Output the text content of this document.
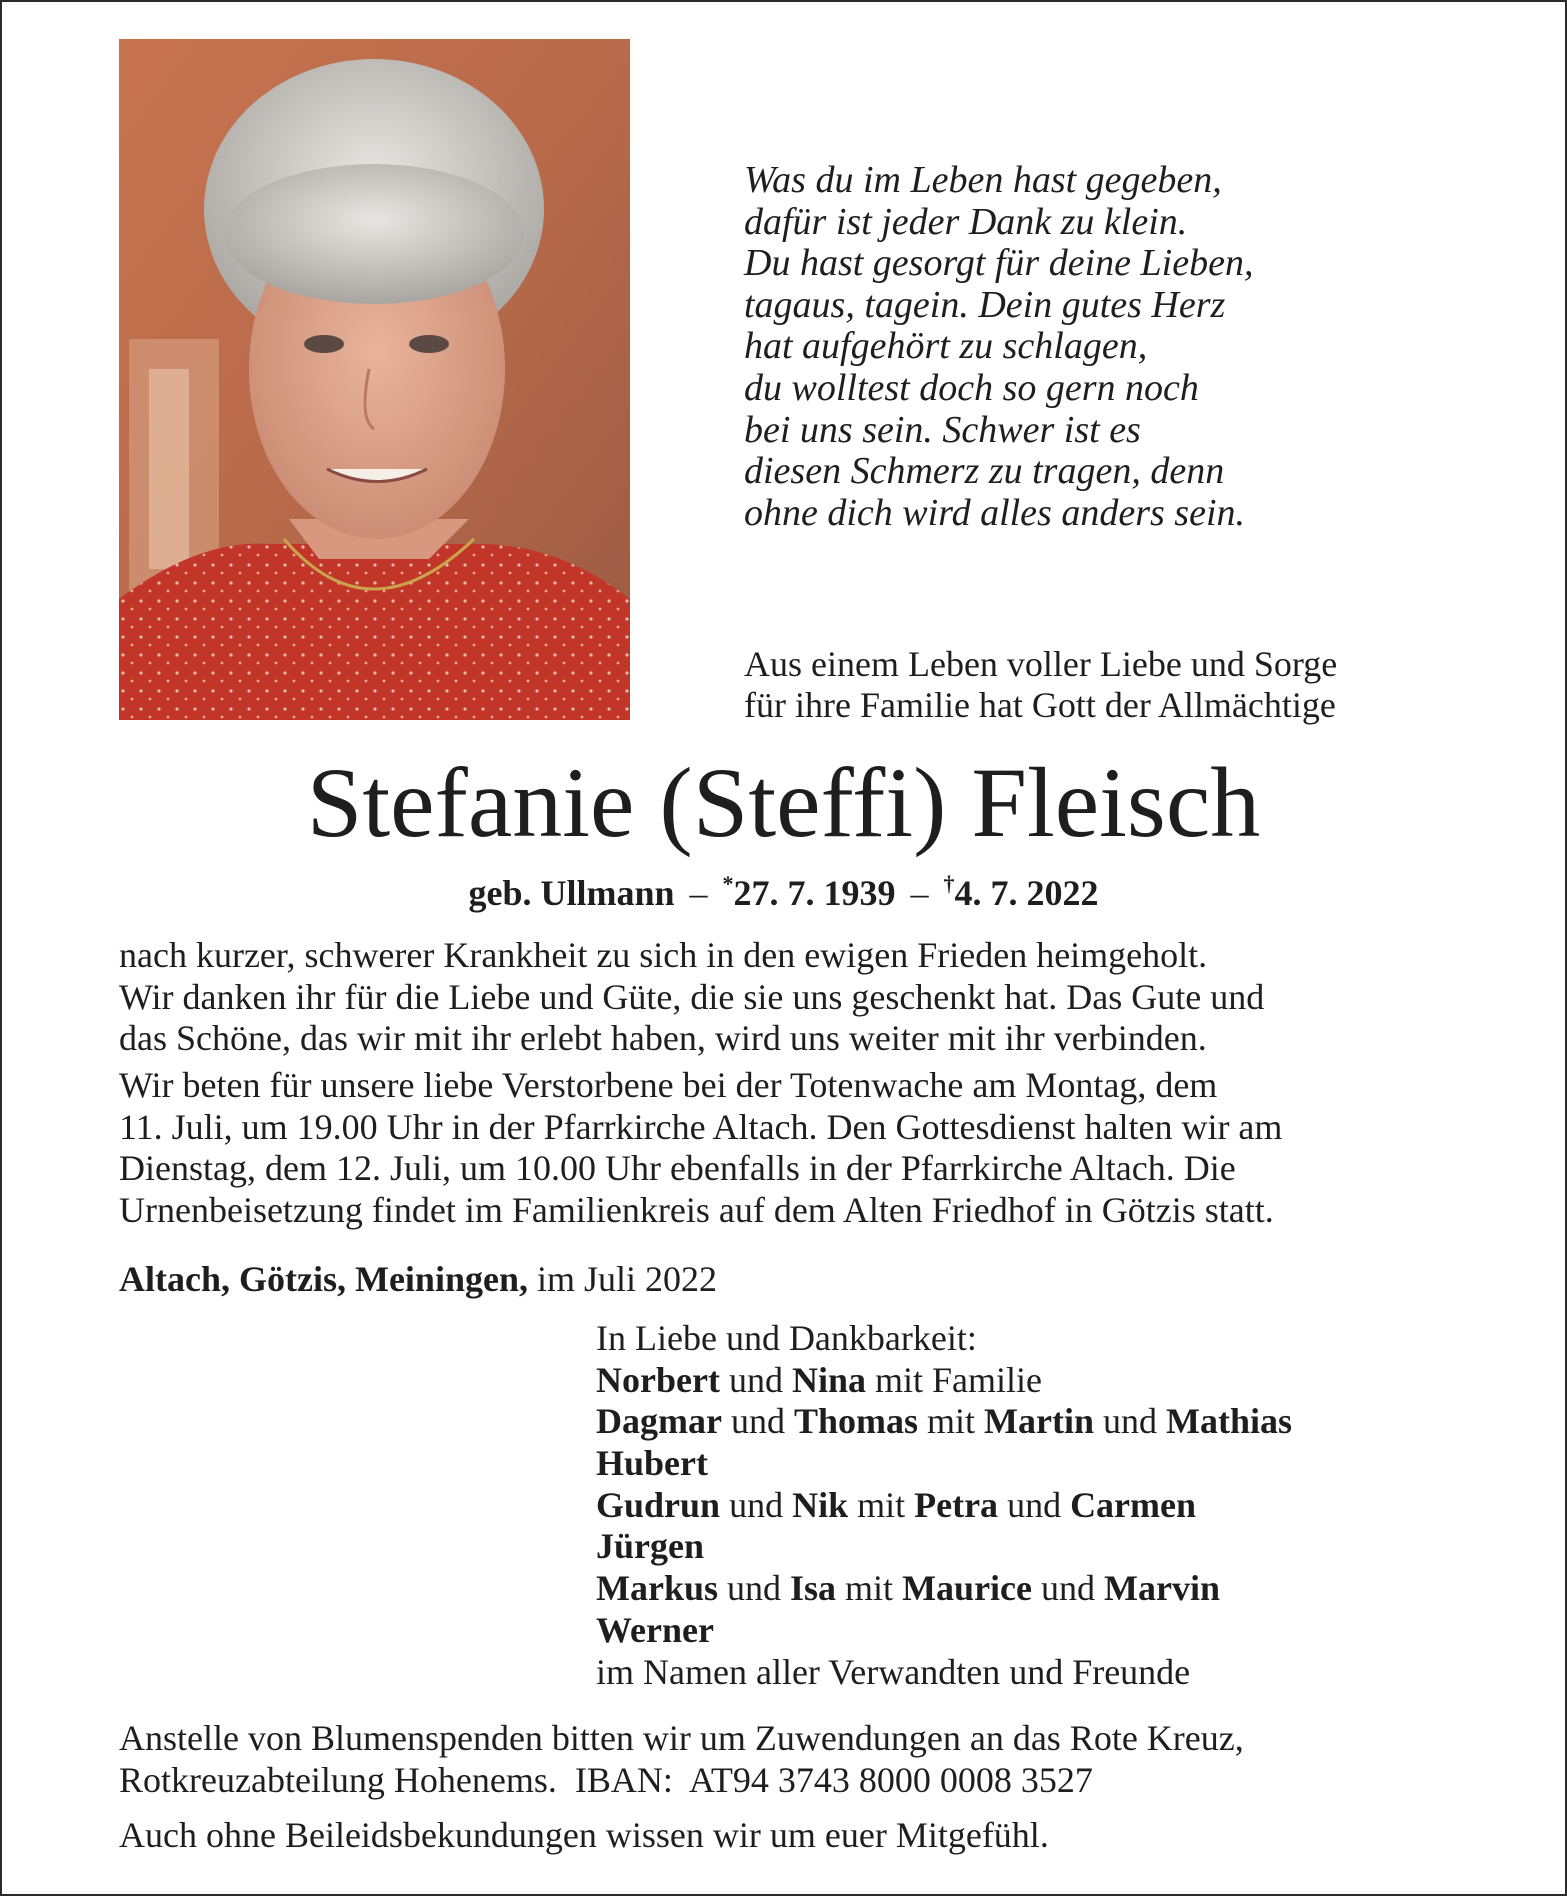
Was du im Leben hast gegeben,
dafür ist jeder Dank zu klein.
Du hast gesorgt für deine Lieben,
tagaus, tagein. Dein gutes Herz
hat aufgehört zu schlagen,
du wolltest doch so gern noch
bei uns sein. Schwer ist es
diesen Schmerz zu tragen, denn
ohne dich wird alles anders sein.
Aus einem Leben voller Liebe und Sorge
für ihre Familie hat Gott der Allmächtige
Stefanie (Steffi) Fleisch
geb. Ullmann – *27. 7. 1939 – †4. 7. 2022
nach kurzer, schwerer Krankheit zu sich in den ewigen Frieden heimgeholt.
Wir danken ihr für die Liebe und Güte, die sie uns geschenkt hat. Das Gute und
das Schöne, das wir mit ihr erlebt haben, wird uns weiter mit ihr verbinden.
Wir beten für unsere liebe Verstorbene bei der Totenwache am Montag, dem
11. Juli, um 19.00 Uhr in der Pfarrkirche Altach. Den Gottesdienst halten wir am
Dienstag, dem 12. Juli, um 10.00 Uhr ebenfalls in der Pfarrkirche Altach. Die
Urnenbeisetzung findet im Familienkreis auf dem Alten Friedhof in Götzis statt.
Altach, Götzis, Meiningen, im Juli 2022
In Liebe und Dankbarkeit:
Norbert und Nina mit Familie
Dagmar und Thomas mit Martin und Mathias
Hubert
Gudrun und Nik mit Petra und Carmen
Jürgen
Markus und Isa mit Maurice und Marvin
Werner
im Namen aller Verwandten und Freunde
Anstelle von Blumenspenden bitten wir um Zuwendungen an das Rote Kreuz,
Rotkreuzabteilung Hohenems.  IBAN:  AT94 3743 8000 0008 3527
Auch ohne Beileidsbekundungen wissen wir um euer Mitgefühl.
